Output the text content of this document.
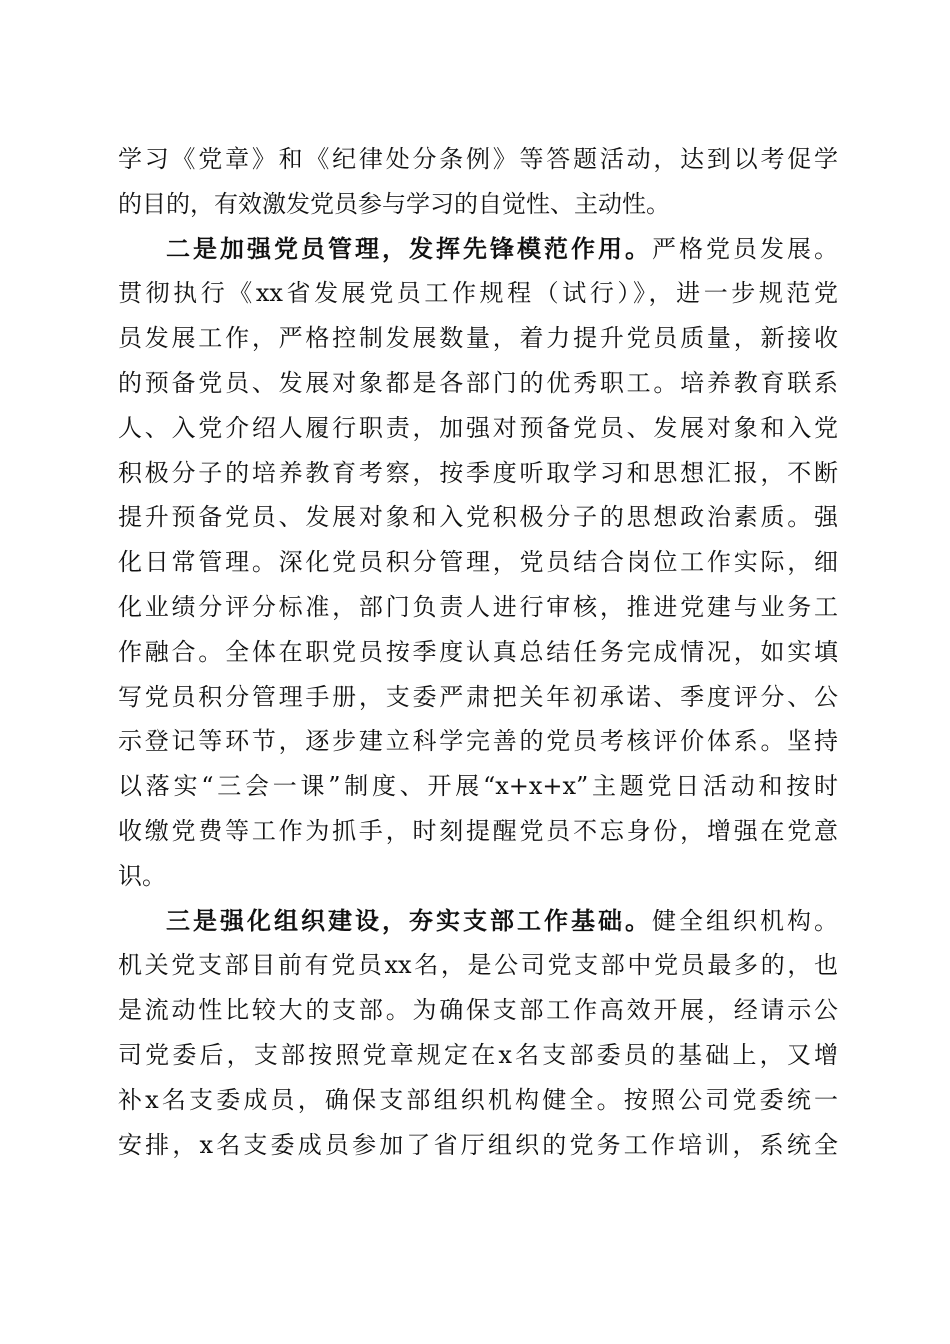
学习《党章》和《纪律处分条例》等答题活动，达到以考促学
的目的，有效激发党员参与学习的自觉性、主动性。
二是加强党员管理，发挥先锋模范作用。严格党员发展。
贯彻执行《xx省发展党员工作规程（试行）》，进一步规范党
员发展工作，严格控制发展数量，着力提升党员质量，新接收
的预备党员、发展对象都是各部门的优秀职工。培养教育联系
人、入党介绍人履行职责，加强对预备党员、发展对象和入党
积极分子的培养教育考察，按季度听取学习和思想汇报，不断
提升预备党员、发展对象和入党积极分子的思想政治素质。强
化日常管理。深化党员积分管理，党员结合岗位工作实际，细
化业绩分评分标准，部门负责人进行审核，推进党建与业务工
作融合。全体在职党员按季度认真总结任务完成情况，如实填
写党员积分管理手册，支委严肃把关年初承诺、季度评分、公
示登记等环节，逐步建立科学完善的党员考核评价体系。坚持
以落实“三会一课”制度、开展“x+x+x”主题党日活动和按时
收缴党费等工作为抓手，时刻提醒党员不忘身份，增强在党意
识。
三是强化组织建设，夯实支部工作基础。健全组织机构。
机关党支部目前有党员xx名，是公司党支部中党员最多的，也
是流动性比较大的支部。为确保支部工作高效开展，经请示公
司党委后，支部按照党章规定在x名支部委员的基础上，又增
补x名支委成员，确保支部组织机构健全。按照公司党委统一
安排，x名支委成员参加了省厅组织的党务工作培训，系统全
